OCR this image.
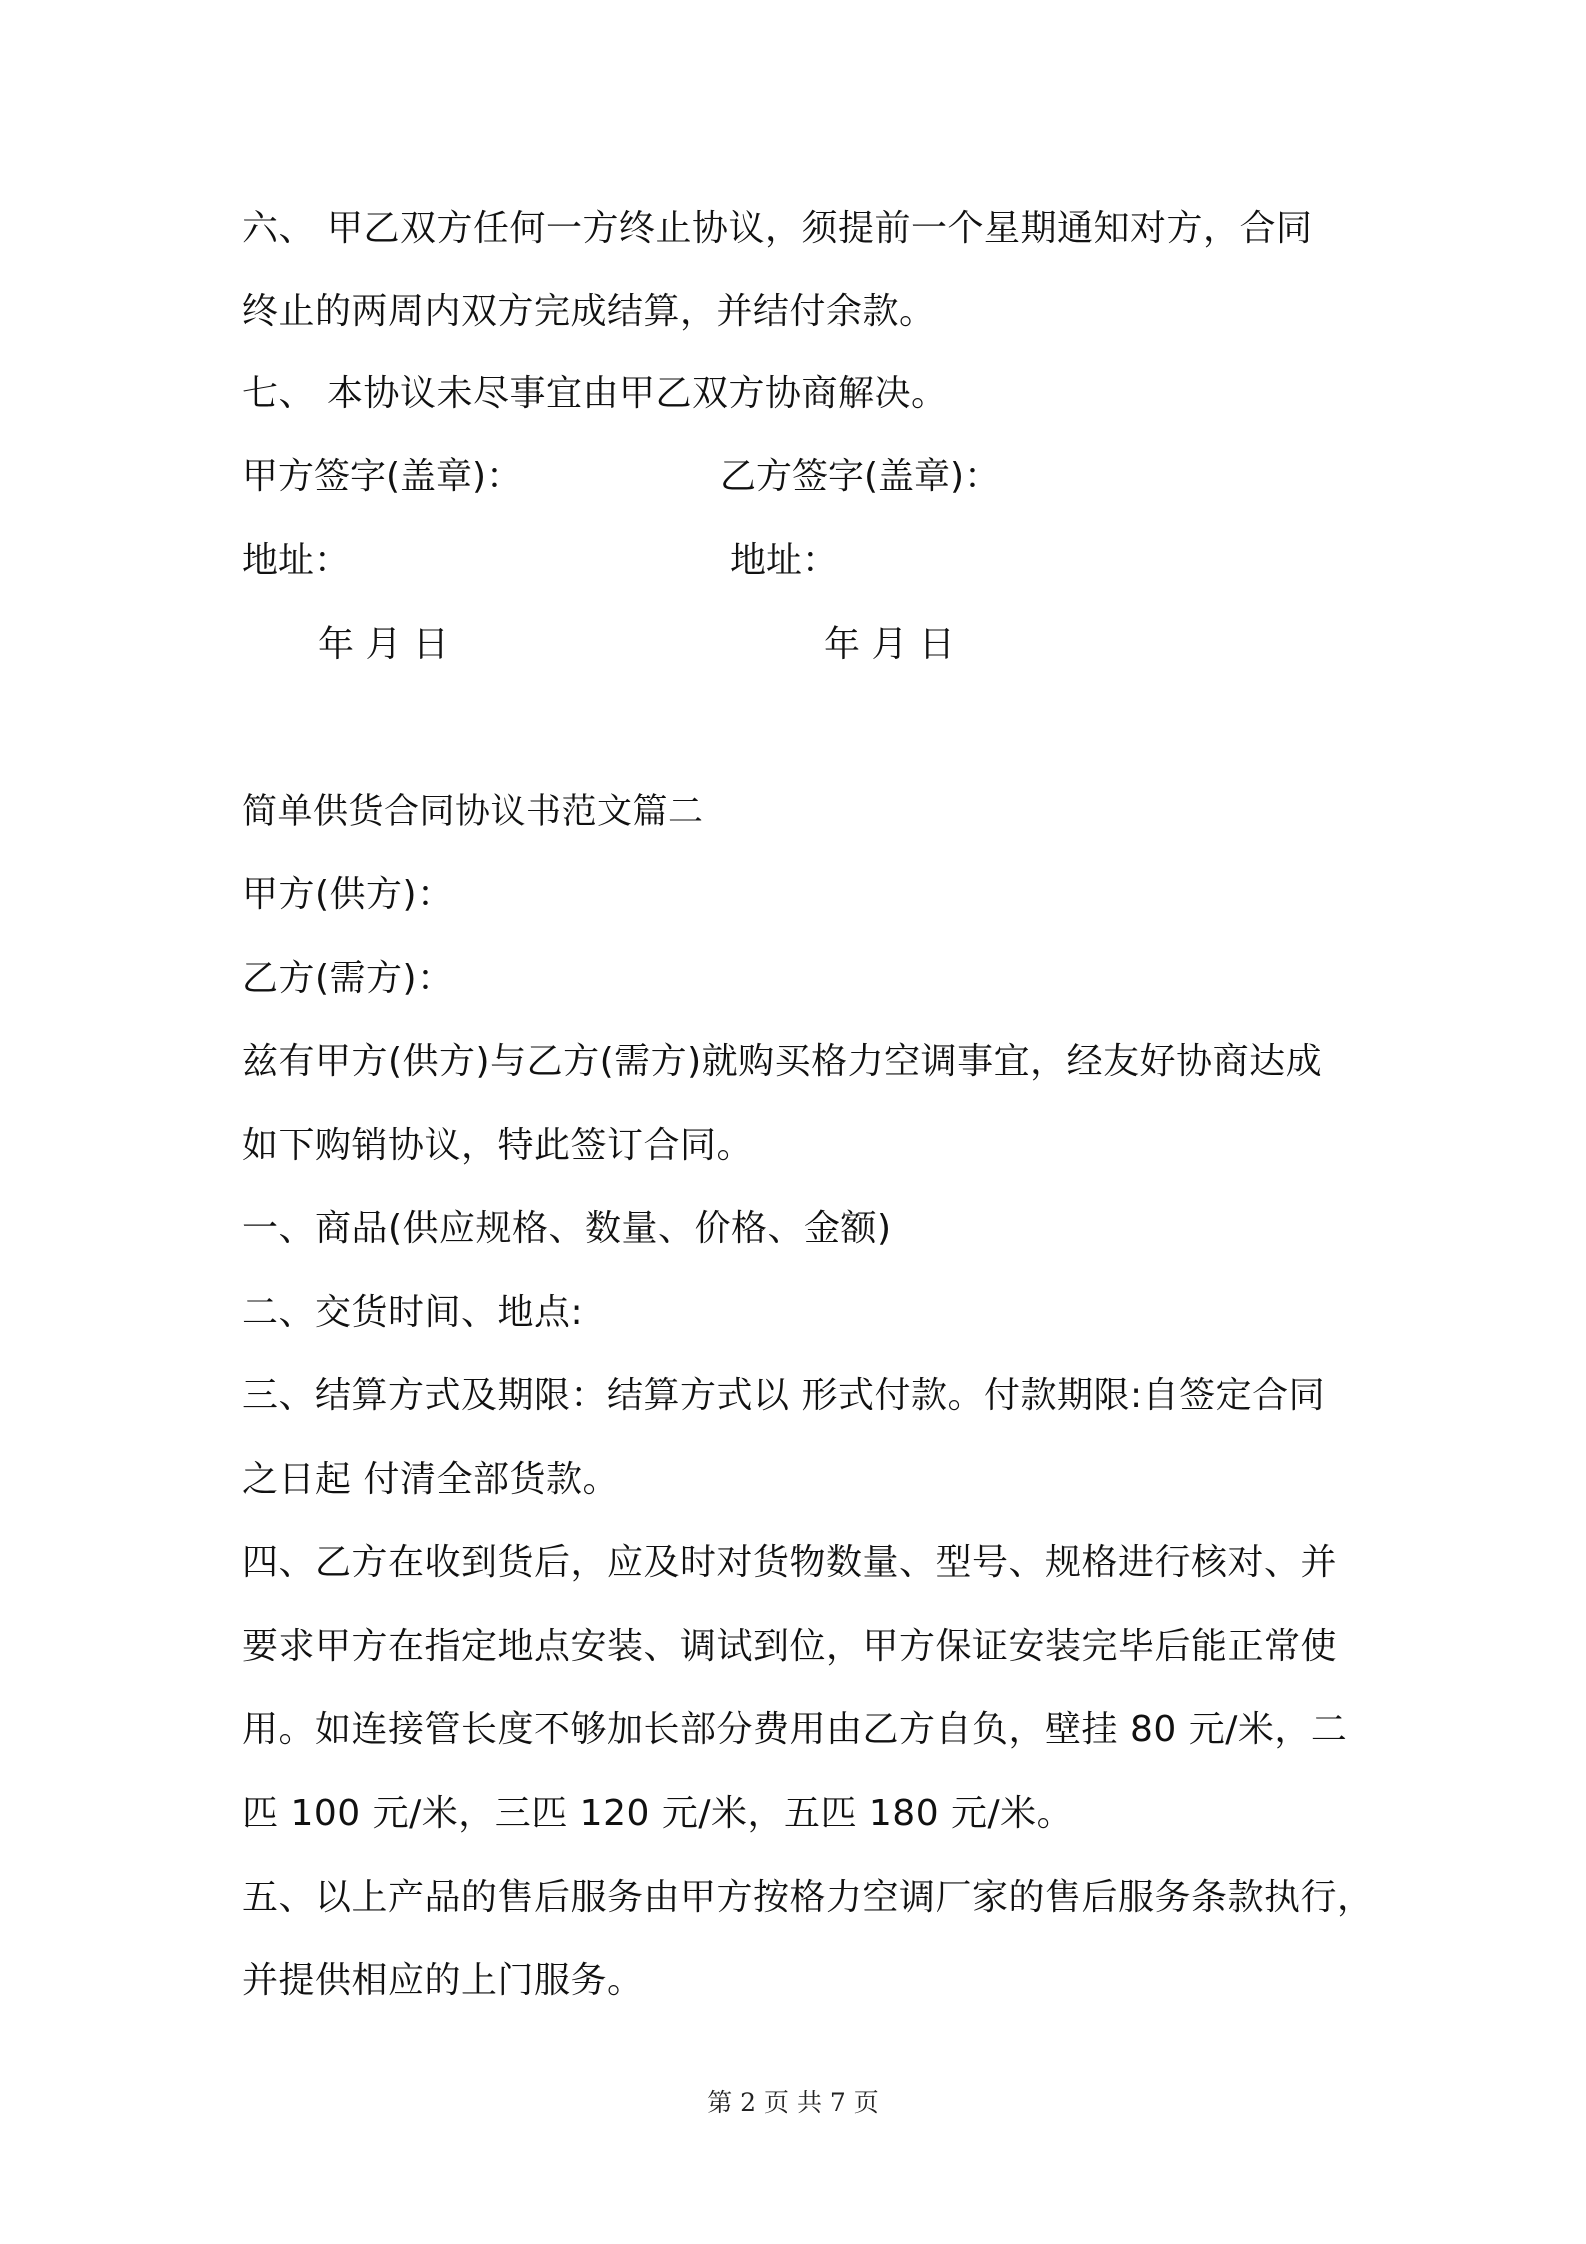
六、 甲乙双方任何一方终止协议，须提前一个星期通知对方，合同
终止的两周内双方完成结算，并结付余款。
七、 本协议未尽事宜由甲乙双方协商解决。
甲方签字(盖章)：	乙方签字(盖章)：
地址：	地址：
年 月 日	年 月 日
简单供货合同协议书范文篇二
甲方(供方)：
乙方(需方)：
兹有甲方(供方)与乙方(需方)就购买格力空调事宜，经友好协商达成
如下购销协议，特此签订合同。
一、商品(供应规格、数量、价格、金额)
二、交货时间、地点:
三、结算方式及期限：结算方式以 形式付款。付款期限:自签定合同
之日起 付清全部货款。
四、乙方在收到货后，应及时对货物数量、型号、规格进行核对、并
要求甲方在指定地点安装、调试到位，甲方保证安装完毕后能正常使
用。如连接管长度不够加长部分费用由乙方自负，壁挂 80 元/米，二
匹 100 元/米，三匹 120 元/米，五匹 180 元/米。
五、以上产品的售后服务由甲方按格力空调厂家的售后服务条款执行，
并提供相应的上门服务。
第 2 页 共 7 页
